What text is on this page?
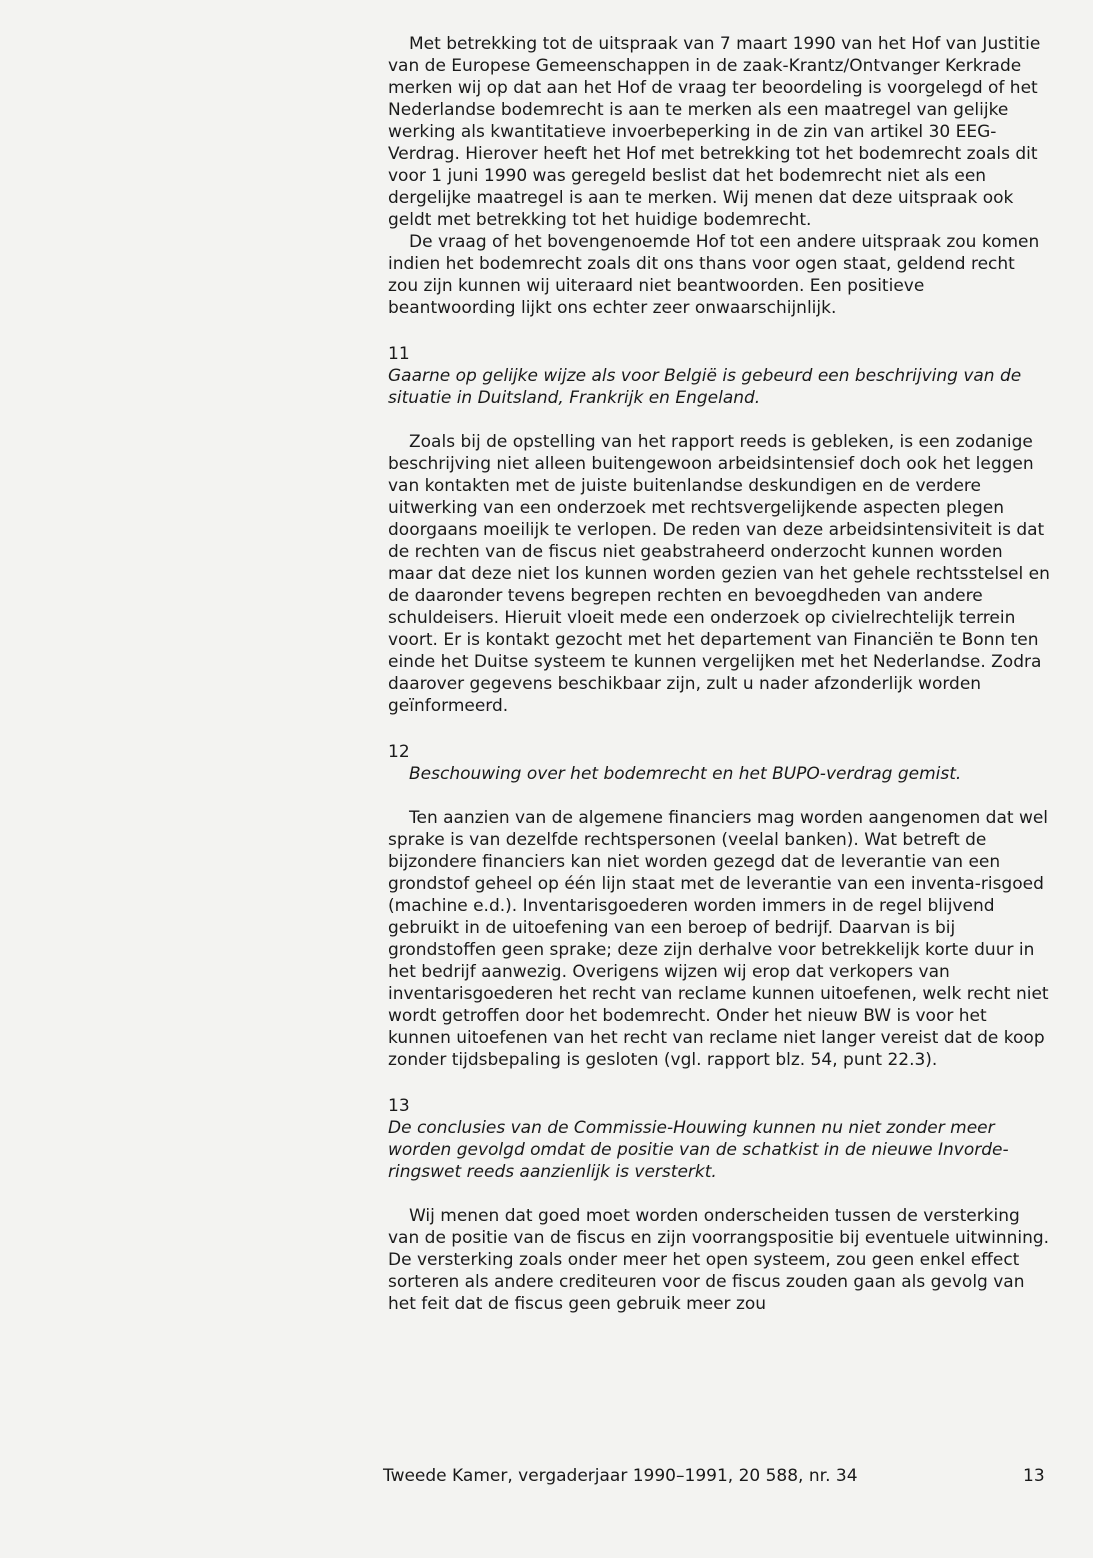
Met betrekking tot de uitspraak van 7 maart 1990 van het Hof van Justitie van de Europese Gemeenschappen in de zaak-Krantz/Ontvanger Kerkrade merken wij op dat aan het Hof de vraag ter beoordeling is voorgelegd of het Nederlandse bodemrecht is aan te merken als een maatregel van gelijke werking als kwantitatieve invoerbeperking in de zin van artikel 30 EEG-Verdrag. Hierover heeft het Hof met betrekking tot het bodemrecht zoals dit voor 1 juni 1990 was geregeld beslist dat het bodemrecht niet als een dergelijke maatregel is aan te merken. Wij menen dat deze uitspraak ook geldt met betrekking tot het huidige bodemrecht.

De vraag of het bovengenoemde Hof tot een andere uitspraak zou komen indien het bodemrecht zoals dit ons thans voor ogen staat, geldend recht zou zijn kunnen wij uiteraard niet beantwoorden. Een positieve beantwoording lijkt ons echter zeer onwaarschijnlijk.

11

Gaarne op gelijke wijze als voor België is gebeurd een beschrijving van de situatie in Duitsland, Frankrijk en Engeland.

Zoals bij de opstelling van het rapport reeds is gebleken, is een zodanige beschrijving niet alleen buitengewoon arbeidsintensief doch ook het leggen van kontakten met de juiste buitenlandse deskundigen en de verdere uitwerking van een onderzoek met rechtsvergelijkende aspecten plegen doorgaans moeilijk te verlopen. De reden van deze arbeidsintensiviteit is dat de rechten van de fiscus niet geabstraheerd onderzocht kunnen worden maar dat deze niet los kunnen worden gezien van het gehele rechtsstelsel en de daaronder tevens begrepen rechten en bevoegdheden van andere schuldeisers. Hieruit vloeit mede een onderzoek op civielrechtelijk terrein voort. Er is kontakt gezocht met het departement van Financiën te Bonn ten einde het Duitse systeem te kunnen vergelijken met het Nederlandse. Zodra daarover gegevens beschikbaar zijn, zult u nader afzonderlijk worden geïnformeerd.

12

Beschouwing over het bodemrecht en het BUPO-verdrag gemist.

Ten aanzien van de algemene financiers mag worden aangenomen dat wel sprake is van dezelfde rechtspersonen (veelal banken). Wat betreft de bijzondere financiers kan niet worden gezegd dat de leverantie van een grondstof geheel op één lijn staat met de leverantie van een inventa-risgoed (machine e.d.). Inventarisgoederen worden immers in de regel blijvend gebruikt in de uitoefening van een beroep of bedrijf. Daarvan is bij grondstoffen geen sprake; deze zijn derhalve voor betrekkelijk korte duur in het bedrijf aanwezig. Overigens wijzen wij erop dat verkopers van inventarisgoederen het recht van reclame kunnen uitoefenen, welk recht niet wordt getroffen door het bodemrecht. Onder het nieuw BW is voor het kunnen uitoefenen van het recht van reclame niet langer vereist dat de koop zonder tijdsbepaling is gesloten (vgl. rapport blz. 54, punt 22.3).

13

De conclusies van de Commissie-Houwing kunnen nu niet zonder meer worden gevolgd omdat de positie van de schatkist in de nieuwe Invorde-ringswet reeds aanzienlijk is versterkt.

Wij menen dat goed moet worden onderscheiden tussen de versterking van de positie van de fiscus en zijn voorrangspositie bij eventuele uitwinning. De versterking zoals onder meer het open systeem, zou geen enkel effect sorteren als andere crediteuren voor de fiscus zouden gaan als gevolg van het feit dat de fiscus geen gebruik meer zou

Tweede Kamer, vergaderjaar 1990–1991, 20 588, nr. 34	13
